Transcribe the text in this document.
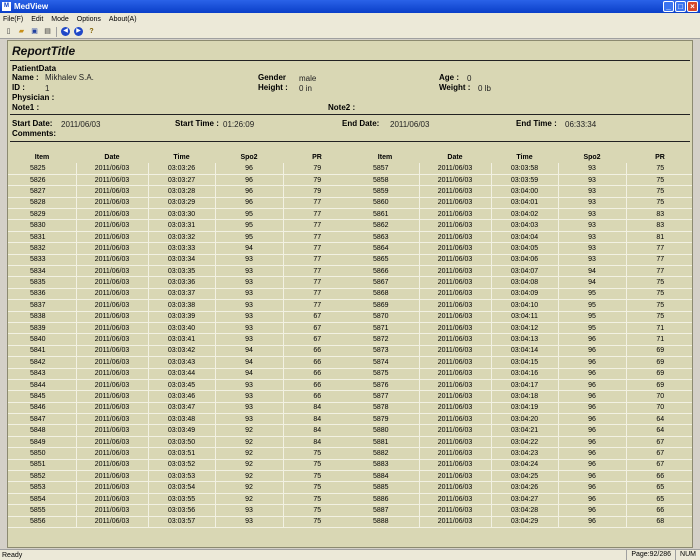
M MedView	_ □ ×
File(F) Edit Mode Options About(A)
▯	▰ ▣ ▤	◀	▶	?
ReportTitle
PatientData
Name : Mikhalev S.A.
ID :	1
Physician :
Note1 :
Gender male
Height : 0 in
Note2 :
Age : 0
Weight : 0 lb
Start Date: 2011/06/03	Start Time : 01:26:09	End Date: 2011/06/03	End Time : 06:33:34
Comments:
Item	Date	Time	Spo2	PR
5825	2011/06/03	03:03:26	96	79
5826	2011/06/03	03:03:27	96	79
5827	2011/06/03	03:03:28	96	79
5828	2011/06/03	03:03:29	96	77
5829	2011/06/03	03:03:30	95	77
5830	2011/06/03	03:03:31	95	77
5831	2011/06/03	03:03:32	95	77
5832	2011/06/03	03:03:33	94	77
5833	2011/06/03	03:03:34	93	77
5834	2011/06/03	03:03:35	93	77
5835	2011/06/03	03:03:36	93	77
5836	2011/06/03	03:03:37	93	77
5837	2011/06/03	03:03:38	93	77
5838	2011/06/03	03:03:39	93	67
5839	2011/06/03	03:03:40	93	67
5840	2011/06/03	03:03:41	93	67
5841	2011/06/03	03:03:42	94	66
5842	2011/06/03	03:03:43	94	66
5843	2011/06/03	03:03:44	94	66
5844	2011/06/03	03:03:45	93	66
5845	2011/06/03	03:03:46	93	66
5846	2011/06/03	03:03:47	93	84
5847	2011/06/03	03:03:48	93	84
5848	2011/06/03	03:03:49	92	84
5849	2011/06/03	03:03:50	92	84
5850	2011/06/03	03:03:51	92	75
5851	2011/06/03	03:03:52	92	75
5852	2011/06/03	03:03:53	92	75
5853	2011/06/03	03:03:54	92	75
5854	2011/06/03	03:03:55	92	75
5855	2011/06/03	03:03:56	93	75
5856	2011/06/03	03:03:57	93	75
Item	Date	Time	Spo2	PR
5857	2011/06/03	03:03:58	93	75
5858	2011/06/03	03:03:59	93	75
5859	2011/06/03	03:04:00	93	75
5860	2011/06/03	03:04:01	93	75
5861	2011/06/03	03:04:02	93	83
5862	2011/06/03	03:04:03	93	83
5863	2011/06/03	03:04:04	93	81
5864	2011/06/03	03:04:05	93	77
5865	2011/06/03	03:04:06	93	77
5866	2011/06/03	03:04:07	94	77
5867	2011/06/03	03:04:08	94	75
5868	2011/06/03	03:04:09	95	75
5869	2011/06/03	03:04:10	95	75
5870	2011/06/03	03:04:11	95	75
5871	2011/06/03	03:04:12	95	71
5872	2011/06/03	03:04:13	96	71
5873	2011/06/03	03:04:14	96	69
5874	2011/06/03	03:04:15	96	69
5875	2011/06/03	03:04:16	96	69
5876	2011/06/03	03:04:17	96	69
5877	2011/06/03	03:04:18	96	70
5878	2011/06/03	03:04:19	96	70
5879	2011/06/03	03:04:20	96	64
5880	2011/06/03	03:04:21	96	64
5881	2011/06/03	03:04:22	96	67
5882	2011/06/03	03:04:23	96	67
5883	2011/06/03	03:04:24	96	67
5884	2011/06/03	03:04:25	96	66
5885	2011/06/03	03:04:26	96	65
5886	2011/06/03	03:04:27	96	65
5887	2011/06/03	03:04:28	96	66
5888	2011/06/03	03:04:29	96	68
Ready	Page:92/286	NUM
